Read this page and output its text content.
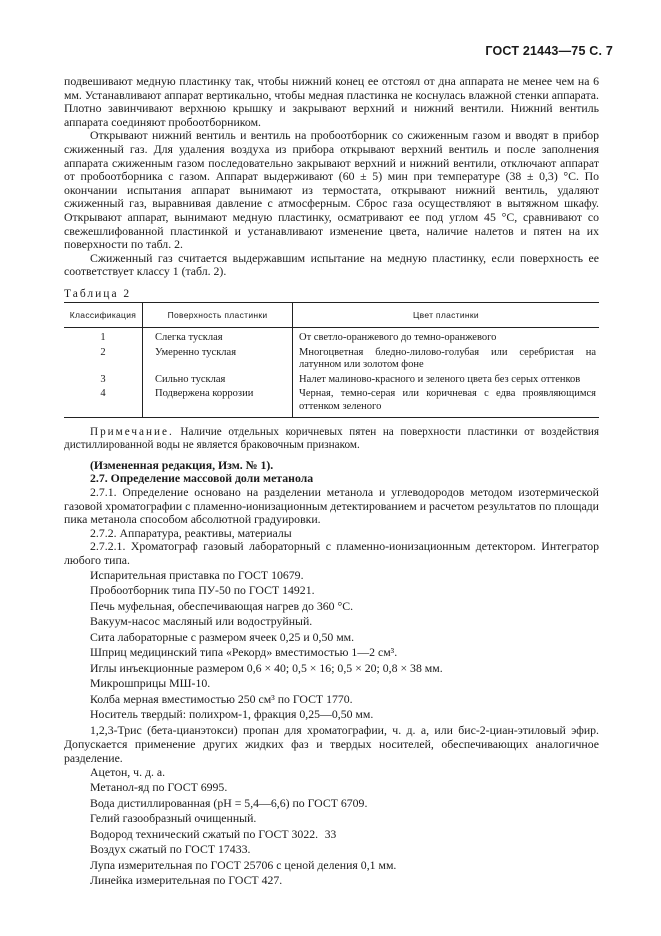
ГОСТ 21443—75 С. 7

подвешивают медную пластинку так, чтобы нижний конец ее отстоял от дна аппарата не менее чем на 6 мм. Устанавливают аппарат вертикально, чтобы медная пластинка не коснулась влажной стенки аппарата. Плотно завинчивают верхнюю крышку и закрывают верхний и нижний вентили. Нижний вентиль аппарата соединяют пробоотборником.

Открывают нижний вентиль и вентиль на пробоотборник со сжиженным газом и вводят в прибор сжиженный газ. Для удаления воздуха из прибора открывают верхний вентиль и после заполнения аппарата сжиженным газом последовательно закрывают верхний и нижний вентили, отключают аппарат от пробоотборника с газом. Аппарат выдерживают (60 ± 5) мин при температуре (38 ± 0,3) °С. По окончании испытания аппарат вынимают из термостата, открывают нижний вентиль, удаляют сжиженный газ, выравнивая давление с атмосферным. Сброс газа осуществляют в вытяжном шкафу. Открывают аппарат, вынимают медную пластинку, осматривают ее под углом 45 °С, сравнивают со свежешлифованной пластинкой и устанавливают изменение цвета, наличие налетов и пятен на их поверхности по табл. 2.

Сжиженный газ считается выдержавшим испытание на медную пластинку, если поверхность ее соответствует классу 1 (табл. 2).

Таблица 2

Классификация	Поверхность пластинки	Цвет пластинки
1	Слегка тусклая	От светло-оранжевого до темно-оранжевого
2	Умеренно тусклая	Многоцветная бледно-лилово-голубая или серебристая на латунном или золотом фоне
3	Сильно тусклая	Налет малиново-красного и зеленого цвета без серых оттенков
4	Подвержена коррозии	Черная, темно-серая или коричневая с едва проявляющимся оттенком зеленого

Примечание. Наличие отдельных коричневых пятен на поверхности пластинки от воздействия дистиллированной воды не является браковочным признаком.

(Измененная редакция, Изм. № 1).

2.7. Определение массовой доли метанола

2.7.1. Определение основано на разделении метанола и углеводородов методом изотермической газовой хроматографии с пламенно-ионизационным детектированием и расчетом результатов по площади пика метанола способом абсолютной градуировки.

2.7.2. Аппаратура, реактивы, материалы

2.7.2.1. Хроматограф газовый лабораторный с пламенно-ионизационным детектором. Интегратор любого типа.

Испарительная приставка по ГОСТ 10679.

Пробоотборник типа ПУ-50 по ГОСТ 14921.

Печь муфельная, обеспечивающая нагрев до 360 °С.

Вакуум-насос масляный или водоструйный.

Сита лабораторные с размером ячеек 0,25 и 0,50 мм.

Шприц медицинский типа «Рекорд» вместимостью 1—2 см³.

Иглы инъекционные размером 0,6 × 40; 0,5 × 16; 0,5 × 20; 0,8 × 38 мм.

Микрошприцы МШ-10.

Колба мерная вместимостью 250 см³ по ГОСТ 1770.

Носитель твердый: полихром-1, фракция 0,25—0,50 мм.

1,2,3-Трис (бета-цианэтокси) пропан для хроматографии, ч. д. а, или бис-2-циан-этиловый эфир. Допускается применение других жидких фаз и твердых носителей, обеспечивающих аналогичное разделение.

Ацетон, ч. д. а.

Метанол-яд по ГОСТ 6995.

Вода дистиллированная (pH = 5,4—6,6) по ГОСТ 6709.

Гелий газообразный очищенный.

Водород технический сжатый по ГОСТ 3022.

Воздух сжатый по ГОСТ 17433.

Лупа измерительная по ГОСТ 25706 с ценой деления 0,1 мм.

Линейка измерительная по ГОСТ 427.

33
